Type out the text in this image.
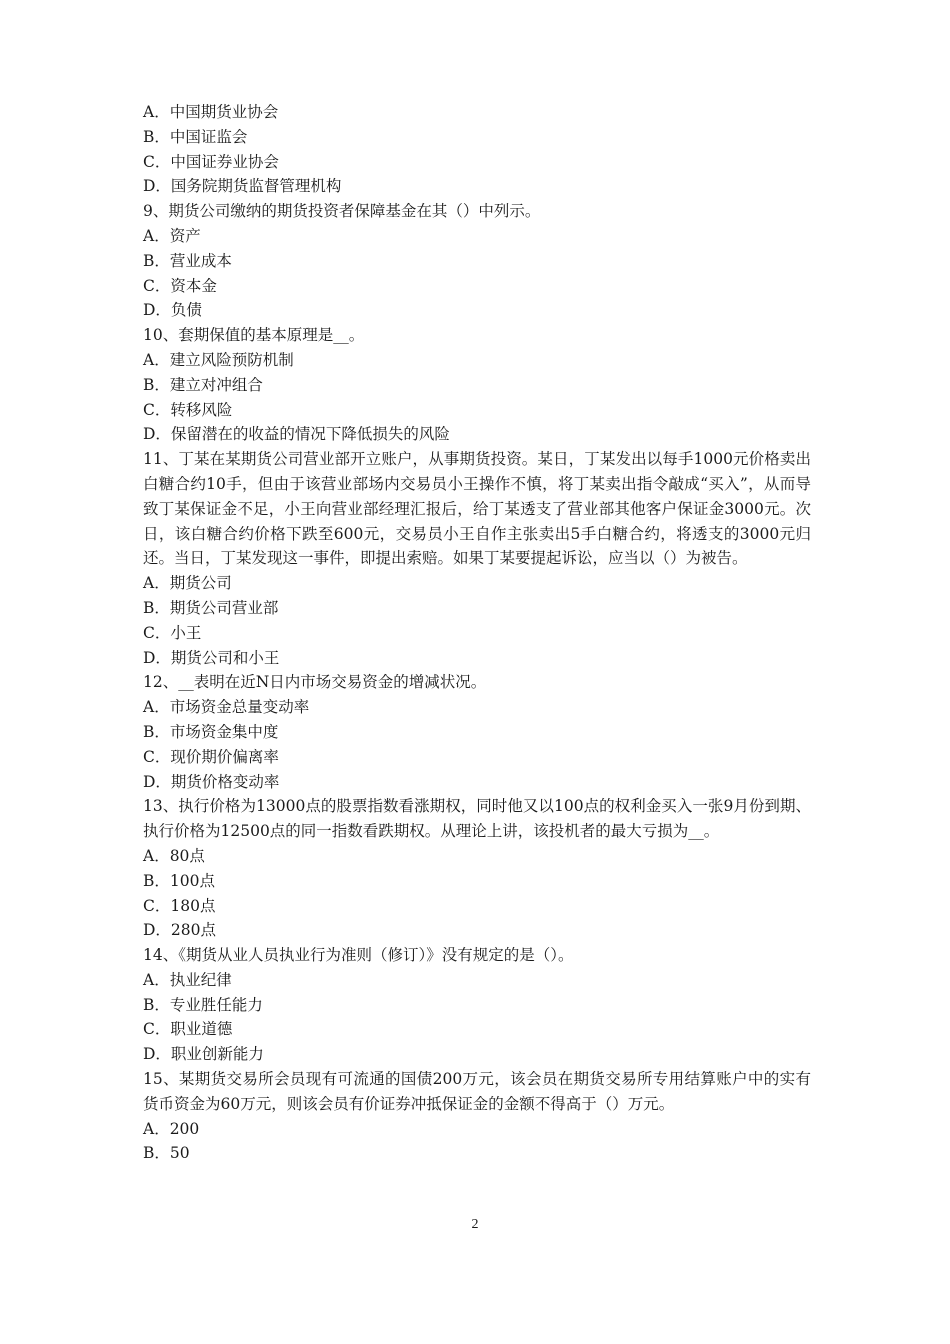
A．中国期货业协会
B．中国证监会
C．中国证券业协会
D．国务院期货监督管理机构
9、期货公司缴纳的期货投资者保障基金在其（）中列示。
A．资产
B．营业成本
C．资本金
D．负债
10、套期保值的基本原理是__。
A．建立风险预防机制
B．建立对冲组合
C．转移风险
D．保留潜在的收益的情况下降低损失的风险
11、丁某在某期货公司营业部开立账户，从事期货投资。某日，丁某发出以每手1000元价格卖出白糖合约10手，但由于该营业部场内交易员小王操作不慎，将丁某卖出指令敲成“买入”，从而导致丁某保证金不足，小王向营业部经理汇报后，给丁某透支了营业部其他客户保证金3000元。次日，该白糖合约价格下跌至600元，交易员小王自作主张卖出5手白糖合约，将透支的3000元归还。当日，丁某发现这一事件，即提出索赔。如果丁某要提起诉讼，应当以（）为被告。
A．期货公司
B．期货公司营业部
C．小王
D．期货公司和小王
12、__表明在近N日内市场交易资金的增减状况。
A．市场资金总量变动率
B．市场资金集中度
C．现价期价偏离率
D．期货价格变动率
13、执行价格为13000点的股票指数看涨期权，同时他又以100点的权利金买入一张9月份到期、执行价格为12500点的同一指数看跌期权。从理论上讲，该投机者的最大亏损为__。
A．80点
B．100点
C．180点
D．280点
14、《期货从业人员执业行为准则（修订）》没有规定的是（）。
A．执业纪律
B．专业胜任能力
C．职业道德
D．职业创新能力
15、某期货交易所会员现有可流通的国债200万元，该会员在期货交易所专用结算账户中的实有货币资金为60万元，则该会员有价证券冲抵保证金的金额不得高于（）万元。
A．200
B．50
2
